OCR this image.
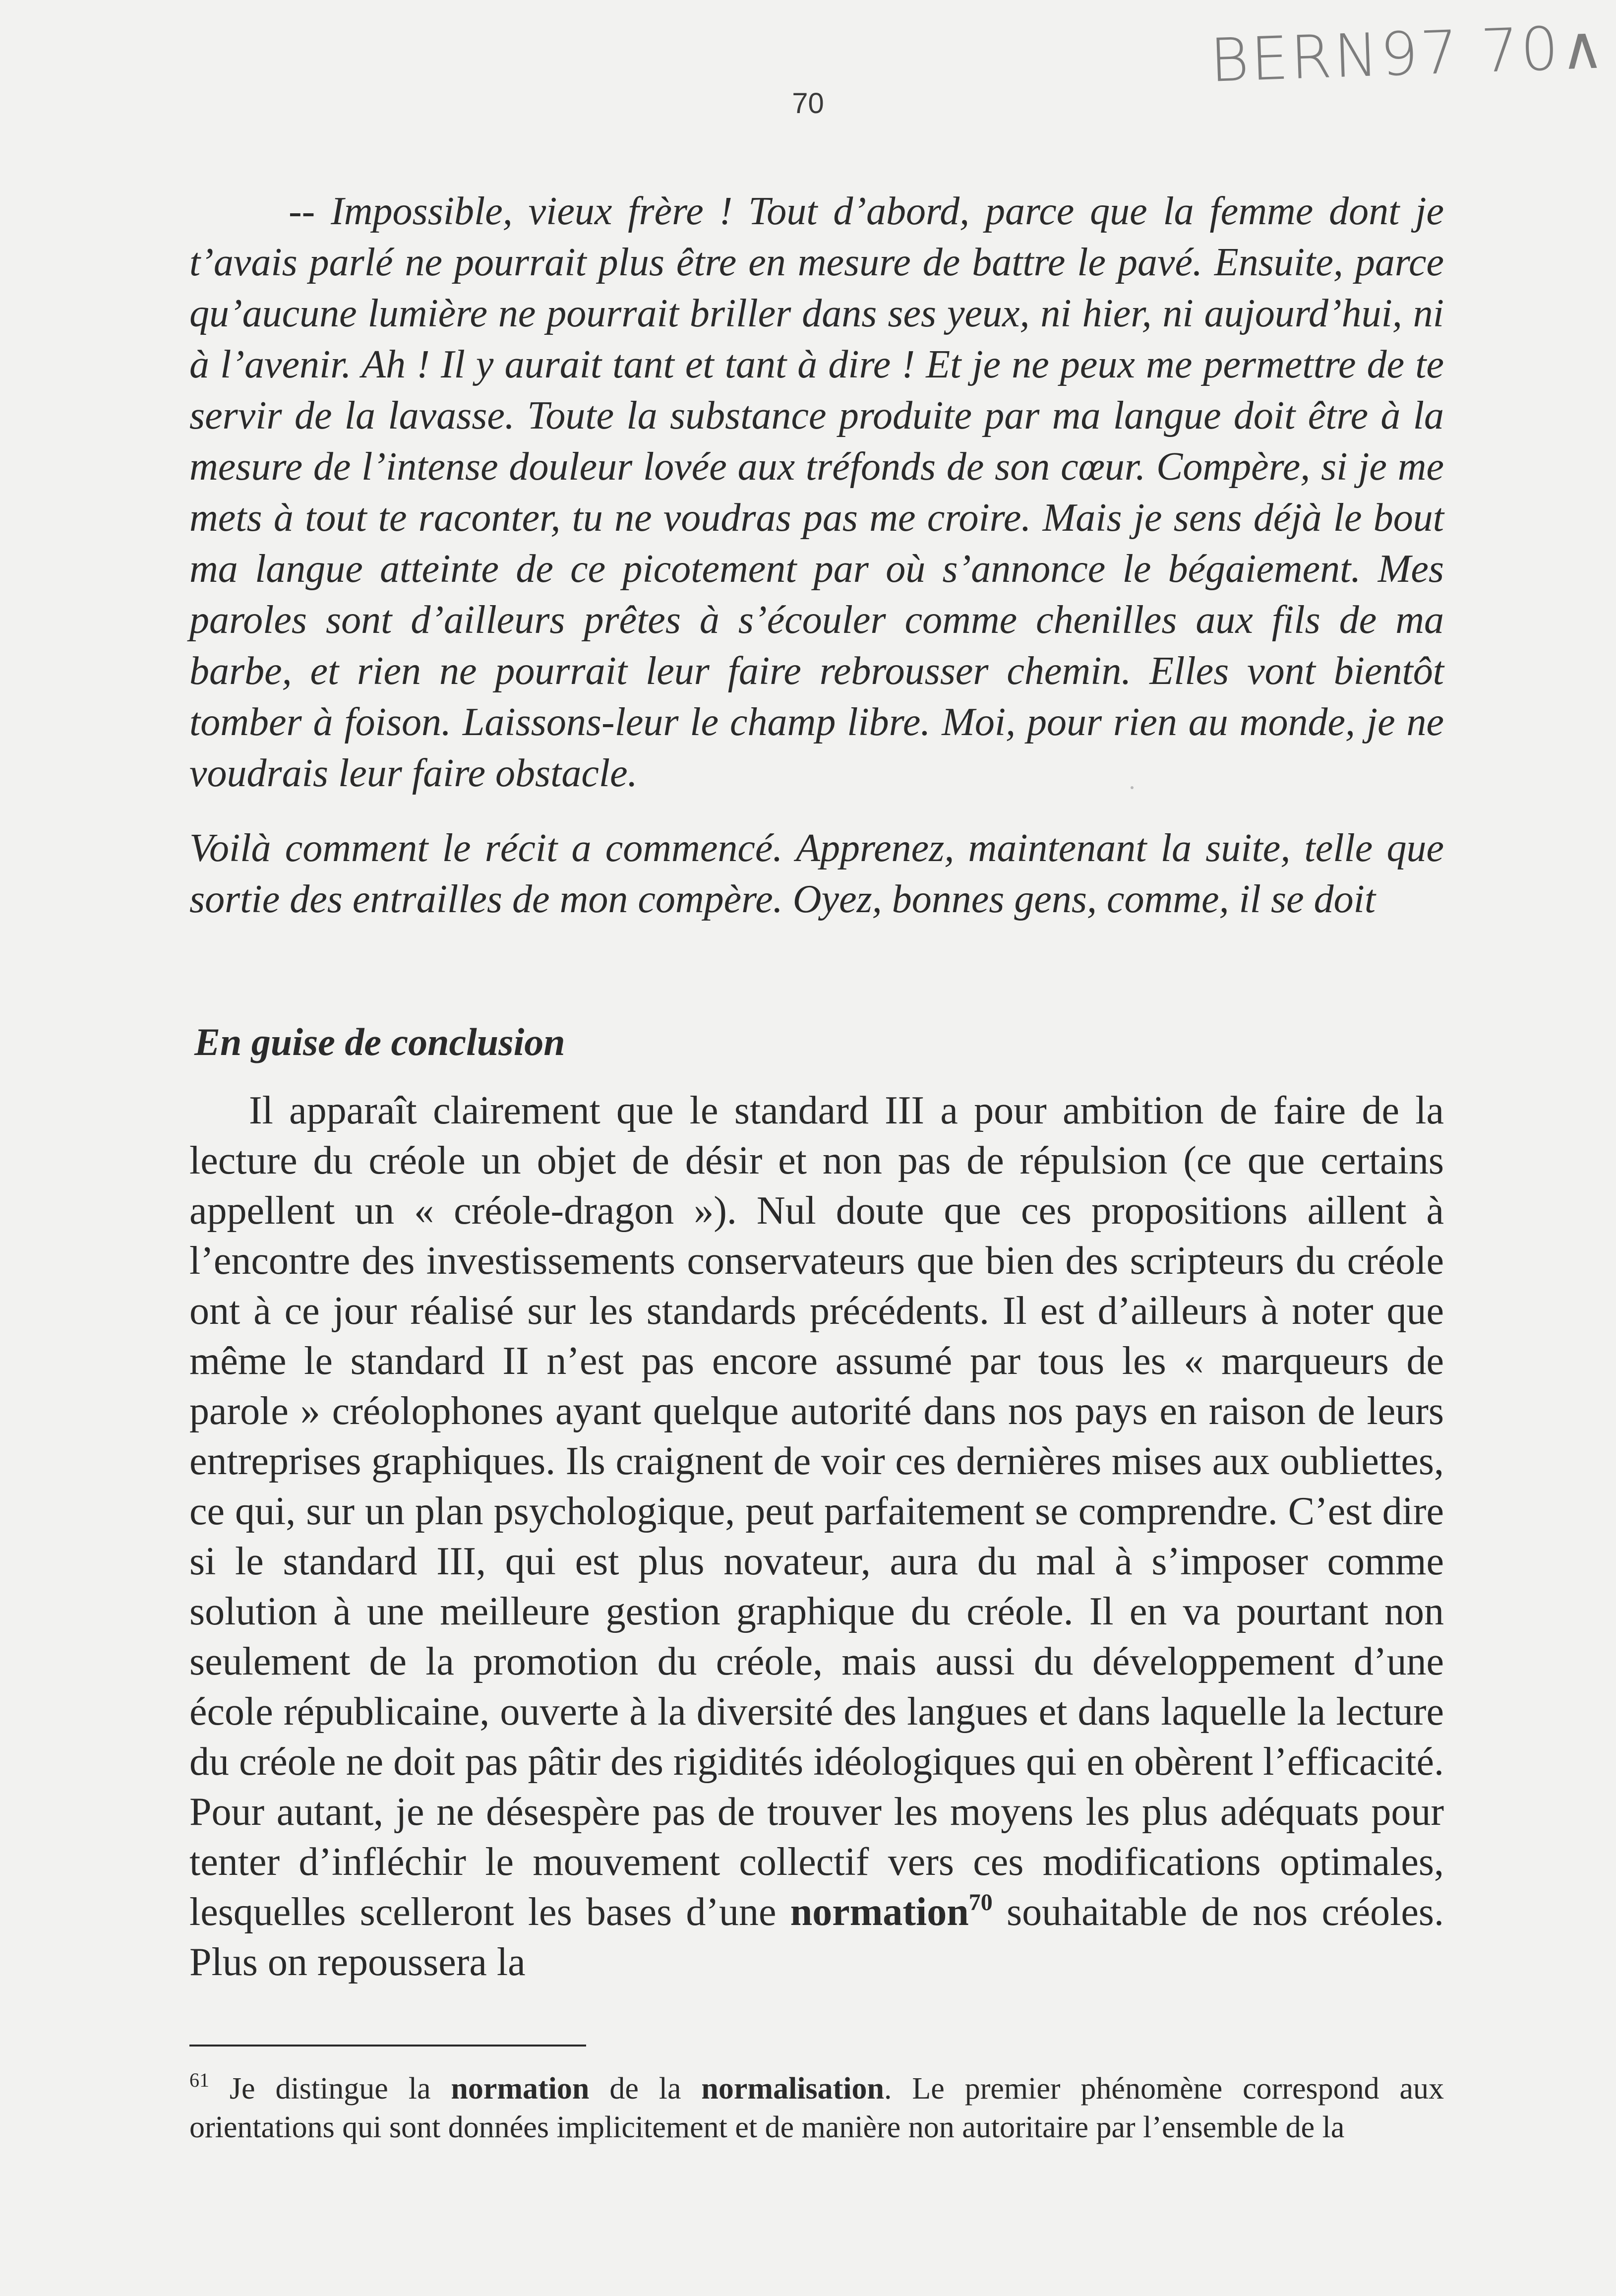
BERN97 70∧
70

-- Impossible, vieux frère ! Tout d’abord, parce que la femme dont je t’avais parlé ne pourrait plus être en mesure de battre le pavé. Ensuite, parce qu’aucune lumière ne pourrait briller dans ses yeux, ni hier, ni aujourd’hui, ni à l’avenir. Ah ! Il y aurait tant et tant à dire ! Et je ne peux me permettre de te servir de la lavasse. Toute la substance produite par ma langue doit être à la mesure de l’intense douleur lovée aux tréfonds de son cœur. Compère, si je me mets à tout te raconter, tu ne voudras pas me croire. Mais je sens déjà le bout ma langue atteinte de ce picotement par où s’annonce le bégaiement. Mes paroles sont d’ailleurs prêtes à s’écouler comme chenilles aux fils de ma barbe, et rien ne pourrait leur faire rebrousser chemin. Elles vont bientôt tomber à foison. Laissons-leur le champ libre. Moi, pour rien au monde, je ne voudrais leur faire obstacle.

Voilà comment le récit a commencé. Apprenez, maintenant la suite, telle que sortie des entrailles de mon compère. Oyez, bonnes gens, comme, il se doit

En guise de conclusion

Il apparaît clairement que le standard III a pour ambition de faire de la lecture du créole un objet de désir et non pas de répulsion (ce que certains appellent un « créole-dragon »). Nul doute que ces propositions aillent à l’encontre des investissements conservateurs que bien des scripteurs du créole ont à ce jour réalisé sur les standards précédents. Il est d’ailleurs à noter que même le standard II n’est pas encore assumé par tous les « marqueurs de parole » créolophones ayant quelque autorité dans nos pays en raison de leurs entreprises graphiques. Ils craignent de voir ces dernières mises aux oubliettes, ce qui, sur un plan psychologique, peut parfaitement se comprendre. C’est dire si le standard III, qui est plus novateur, aura du mal à s’imposer comme solution à une meilleure gestion graphique du créole. Il en va pourtant non seulement de la promotion du créole, mais aussi du développement d’une école républicaine, ouverte à la diversité des langues et dans laquelle la lecture du créole ne doit pas pâtir des rigidités idéologiques qui en obèrent l’efficacité. Pour autant, je ne désespère pas de trouver les moyens les plus adéquats pour tenter d’infléchir le mouvement collectif vers ces modifications optimales, lesquelles scelleront les bases d’une normation$^{70}$ souhaitable de nos créoles. Plus on repoussera la

$^{61}$ Je distingue la normation de la normalisation. Le premier phénomène correspond aux orientations qui sont données implicitement et de manière non autoritaire par l’ensemble de la
